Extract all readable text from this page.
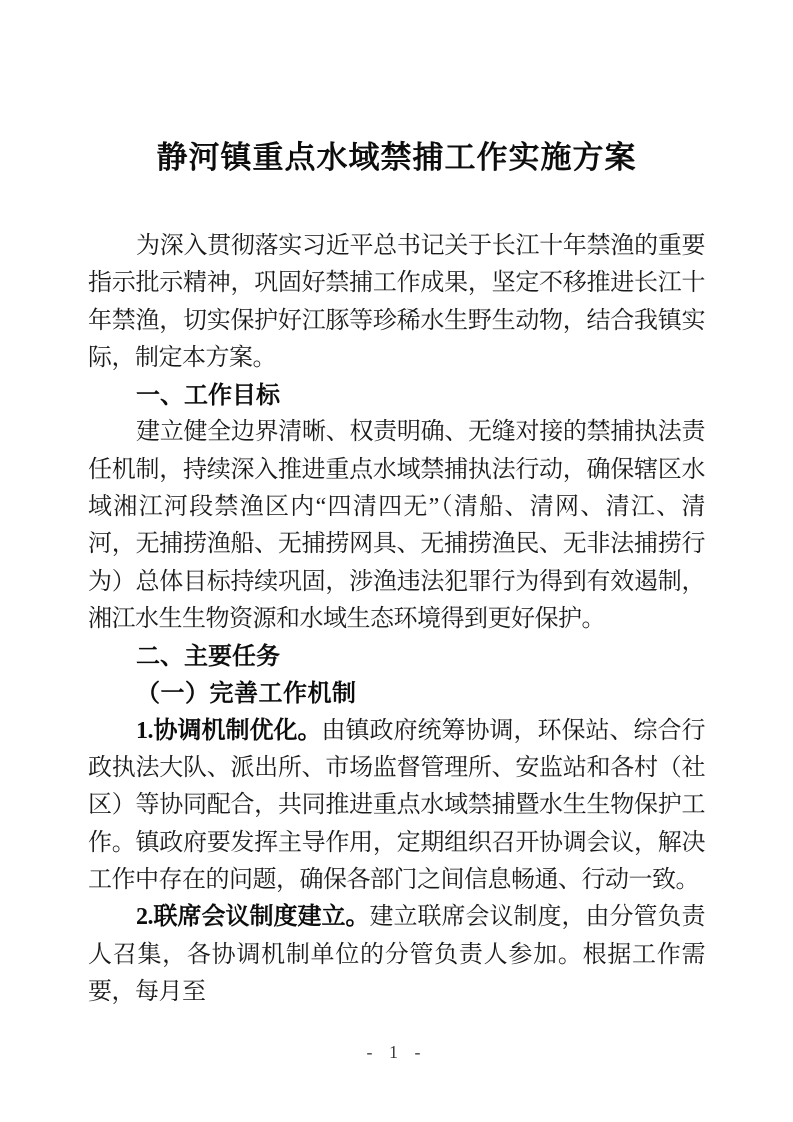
静河镇重点水域禁捕工作实施方案

为深入贯彻落实习近平总书记关于长江十年禁渔的重要指示批示精神，巩固好禁捕工作成果，坚定不移推进长江十年禁渔，切实保护好江豚等珍稀水生野生动物，结合我镇实际，制定本方案。

一、工作目标

建立健全边界清晰、权责明确、无缝对接的禁捕执法责任机制，持续深入推进重点水域禁捕执法行动，确保辖区水域湘江河段禁渔区内“四清四无”（清船、清网、清江、清河，无捕捞渔船、无捕捞网具、无捕捞渔民、无非法捕捞行为）总体目标持续巩固，涉渔违法犯罪行为得到有效遏制，湘江水生生物资源和水域生态环境得到更好保护。

二、主要任务
（一）完善工作机制

1.协调机制优化。由镇政府统筹协调，环保站、综合行政执法大队、派出所、市场监督管理所、安监站和各村（社区）等协同配合，共同推进重点水域禁捕暨水生生物保护工作。镇政府要发挥主导作用，定期组织召开协调会议，解决工作中存在的问题，确保各部门之间信息畅通、行动一致。

2.联席会议制度建立。建立联席会议制度，由分管负责人召集，各协调机制单位的分管负责人参加。根据工作需要，每月至

- 1 -
